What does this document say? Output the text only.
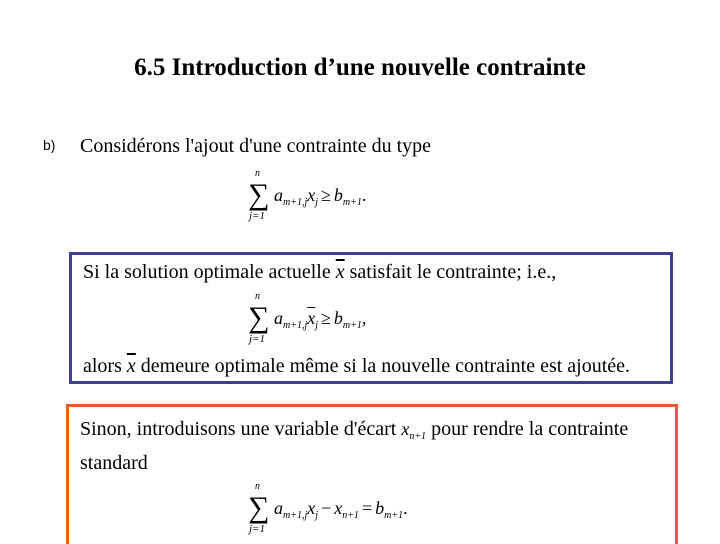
6.5 Introduction d’une nouvelle contrainte
b) Considérons l'ajout d'une contrainte du type
n
∑
j=1
$a_{m+1,j}x_j \ge b_{m+1}$.
Si la solution optimale actuelle $\overline{x}$ satisfait le contrainte; i.e.,
n
∑
j=1
$a_{m+1,j}\overline{x}_j \ge b_{m+1}$,
alors $\overline{x}$ demeure optimale même si la nouvelle contrainte est ajoutée.
Sinon, introduisons une variable d'écart $x_{n+1}$ pour rendre la contrainte
standard
n
∑
j=1
$a_{m+1,j}x_j - x_{n+1} = b_{m+1}$.
